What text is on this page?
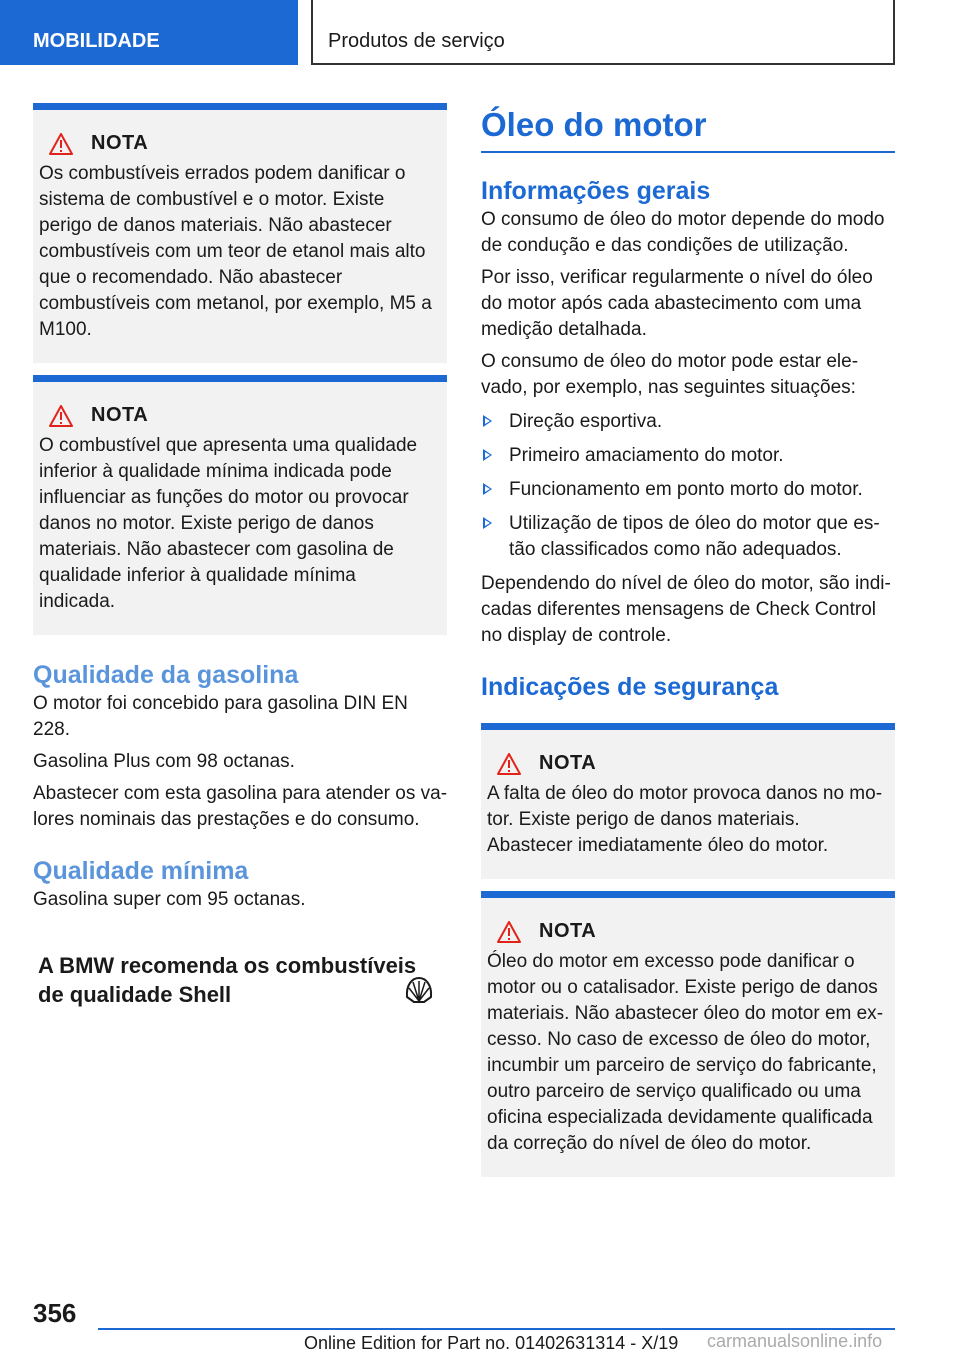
MOBILIDADE	Produtos de serviço
NOTA

Os combustíveis errados podem danificar o sistema de combustível e o motor. Existe perigo de danos materiais. Não abastecer combustíveis com um teor de etanol mais alto que o recomendado. Não abastecer combustíveis com metanol, por exemplo, M5 a M100.

NOTA

O combustível que apresenta uma qualidade inferior à qualidade mínima indicada pode influenciar as funções do motor ou provocar danos no motor. Existe perigo de danos materiais. Não abastecer com gasolina de qualidade inferior à qualidade mínima indicada.

Qualidade da gasolina

O motor foi concebido para gasolina DIN EN 228.

Gasolina Plus com 98 octanas.

Abastecer com esta gasolina para atender os valores nominais das prestações e do consumo.

Qualidade mínima

Gasolina super com 95 octanas.

A BMW recomenda os combustíveis de qualidade Shell
Óleo do motor
Informações gerais

O consumo de óleo do motor depende do modo de condução e das condições de utilização.

Por isso, verificar regularmente o nível do óleo do motor após cada abastecimento com uma medição detalhada.

O consumo de óleo do motor pode estar elevado, por exemplo, nas seguintes situações:

Direção esportiva.
Primeiro amaciamento do motor.
Funcionamento em ponto morto do motor.
Utilização de tipos de óleo do motor que estão classificados como não adequados.

Dependendo do nível de óleo do motor, são indicadas diferentes mensagens de Check Control no display de controle.

Indicações de segurança
NOTA

A falta de óleo do motor provoca danos no motor. Existe perigo de danos materiais. Abastecer imediatamente óleo do motor.

NOTA

Óleo do motor em excesso pode danificar o motor ou o catalisador. Existe perigo de danos materiais. Não abastecer óleo do motor em excesso. No caso de excesso de óleo do motor, incumbir um parceiro de serviço do fabricante, outro parceiro de serviço qualificado ou uma oficina especializada devidamente qualificada da correção do nível de óleo do motor.

356
Online Edition for Part no. 01402631314 - X/19 carmanualsonline.info
